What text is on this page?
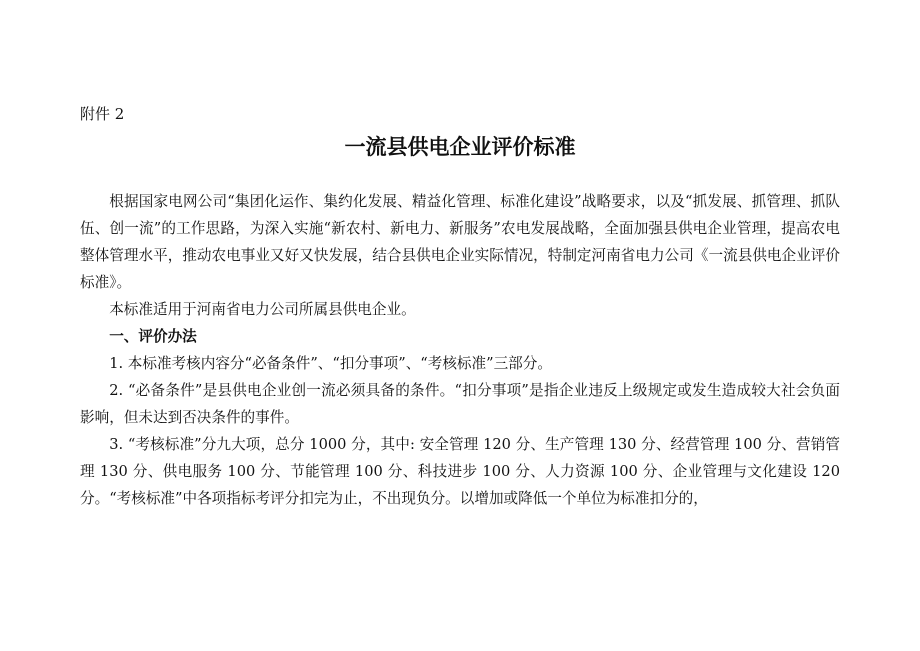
附件 2
一流县供电企业评价标准

根据国家电网公司“集团化运作、集约化发展、精益化管理、标准化建设”战略要求，以及“抓发展、抓管理、抓队伍、创一流”的工作思路，为深入实施“新农村、新电力、新服务”农电发展战略，全面加强县供电企业管理，提高农电整体管理水平，推动农电事业又好又快发展，结合县供电企业实际情况，特制定河南省电力公司《一流县供电企业评价标准》。

本标准适用于河南省电力公司所属县供电企业。

一、评价办法

1. 本标准考核内容分“必备条件”、“扣分事项”、“考核标准”三部分。

2. “必备条件”是县供电企业创一流必须具备的条件。“扣分事项”是指企业违反上级规定或发生造成较大社会负面影响，但未达到否决条件的事件。

3. “考核标准”分九大项，总分 1000 分，其中: 安全管理 120 分、生产管理 130 分、经营管理 100 分、营销管理 130 分、供电服务 100 分、节能管理 100 分、科技进步 100 分、人力资源 100 分、企业管理与文化建设 120 分。“考核标准”中各项指标考评分扣完为止，不出现负分。以增加或降低一个单位为标准扣分的，
